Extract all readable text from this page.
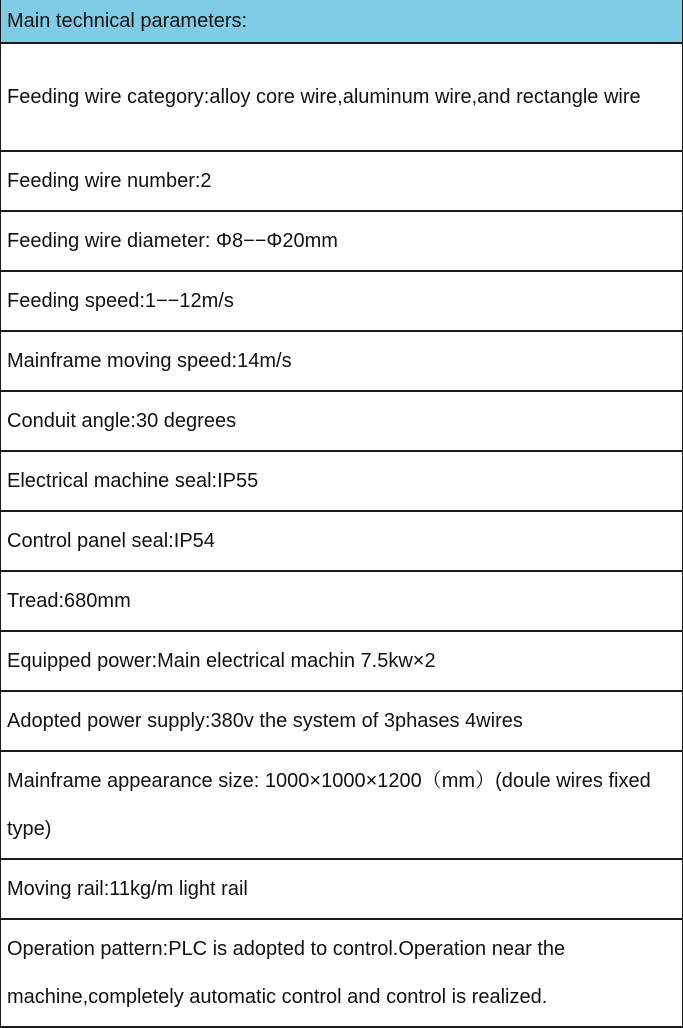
Main technical parameters:
Feeding wire category:alloy core wire,aluminum wire,and rectangle wire
Feeding wire number:2
Feeding wire diameter: Φ8−−Φ20mm
Feeding speed:1−−12m/s
Mainframe moving speed:14m/s
Conduit angle:30 degrees
Electrical machine seal:IP55
Control panel seal:IP54
Tread:680mm
Equipped power:Main electrical machin 7.5kw×2
Adopted power supply:380v the system of 3phases 4wires
Mainframe appearance size: 1000×1000×1200（mm）(doule wires fixed type)
Moving rail:11kg/m light rail
Operation pattern:PLC is adopted to control.Operation near the machine,completely automatic control and control is realized.
